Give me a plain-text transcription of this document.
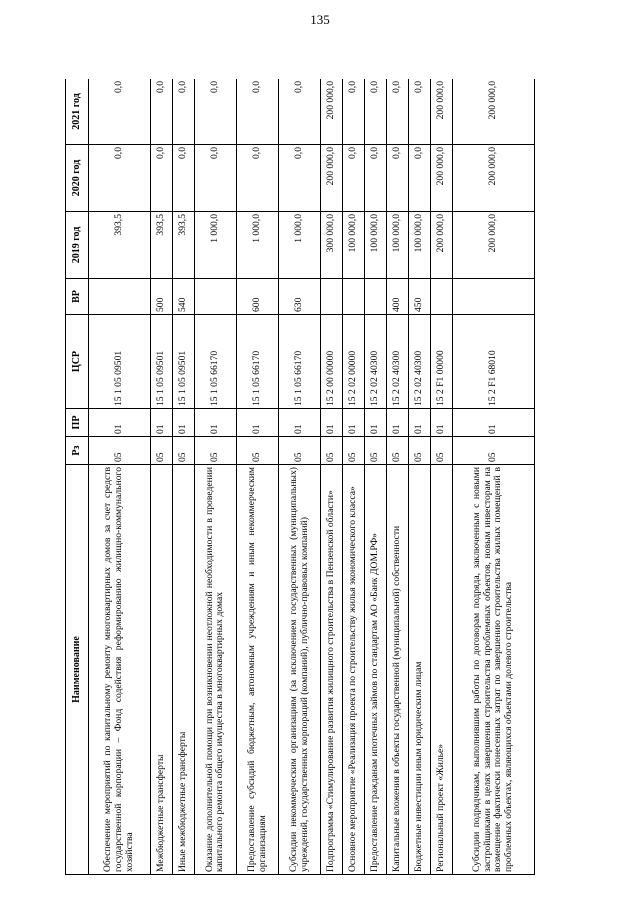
135
Наименование	Рз	ПР	ЦСР	ВР	2019 год	2020 год	2021 год
Обеспечение мероприятий по капитальному ремонту многоквартирных домов за счет средств государственной корпорации – Фонд содействия реформированию жилищно-коммунального хозяйства	05	01	15 1 05 09501		393,5	0,0	0,0
Межбюджетные трансферты	05	01	15 1 05 09501	500	393,5	0,0	0,0
Иные межбюджетные трансферты	05	01	15 1 05 09501	540	393,5	0,0	0,0
Оказание дополнительной помощи при возникновении неотложной необходимости в проведении капитального ремонта общего имущества в многоквартирных домах	05	01	15 1 05 66170		1 000,0	0,0	0,0
Предоставление субсидий бюджетным, автономным учреждениям и иным некоммерческим организациям	05	01	15 1 05 66170	600	1 000,0	0,0	0,0
Субсидии некоммерческим организациям (за исключением государственных (муниципальных) учреждений, государственных корпораций (компаний), публично-правовых компаний)	05	01	15 1 05 66170	630	1 000,0	0,0	0,0
Подпрограмма «Стимулирование развития жилищного строительства в Пензенской области»	05	01	15 2 00 00000		300 000,0	200 000,0	200 000,0
Основное мероприятие «Реализация проекта по строительству жилья экономического класса»	05	01	15 2 02 00000		100 000,0	0,0	0,0
Предоставление гражданам ипотечных займов по стандартам АО «Банк ДОМ.РФ»	05	01	15 2 02 40300		100 000,0	0,0	0,0
Капитальные вложения в объекты государственной (муниципальной) собственности	05	01	15 2 02 40300	400	100 000,0	0,0	0,0
Бюджетные инвестиции иным юридическим лицам	05	01	15 2 02 40300	450	100 000,0	0,0	0,0
Региональный проект «Жилье»	05	01	15 2 F1 00000		200 000,0	200 000,0	200 000,0
Субсидии подрядчикам, выполнившим работы по договорам подряда, заключенным с новыми застройщиками в целях завершения строительства проблемных объектов, новым инвесторам на возмещение фактически понесенных затрат по завершению строительства жилых помещений в проблемных объектах, являющихся объектами долевого строительства	05	01	15 2 F1 68010		200 000,0	200 000,0	200 000,0
